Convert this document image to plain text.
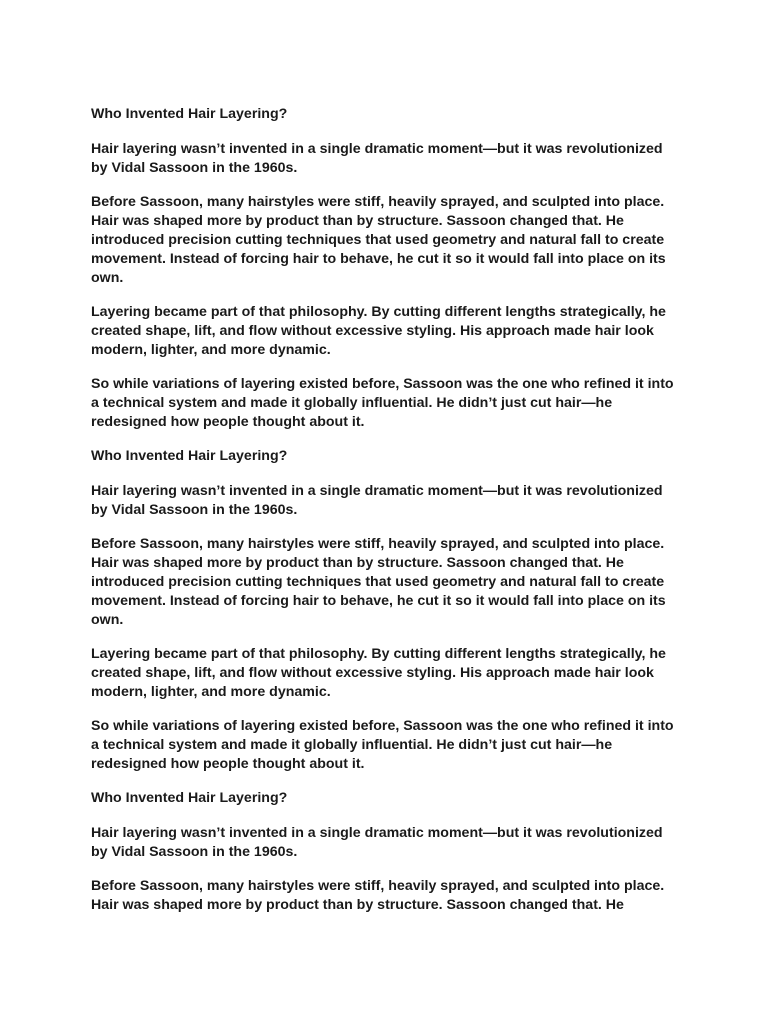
Who Invented Hair Layering?

Hair layering wasn’t invented in a single dramatic moment—but it was revolutionized by Vidal Sassoon in the 1960s.

Before Sassoon, many hairstyles were stiff, heavily sprayed, and sculpted into place. Hair was shaped more by product than by structure. Sassoon changed that. He introduced precision cutting techniques that used geometry and natural fall to create movement. Instead of forcing hair to behave, he cut it so it would fall into place on its own.

Layering became part of that philosophy. By cutting different lengths strategically, he created shape, lift, and flow without excessive styling. His approach made hair look modern, lighter, and more dynamic.

So while variations of layering existed before, Sassoon was the one who refined it into a technical system and made it globally influential. He didn’t just cut hair—he redesigned how people thought about it.

Who Invented Hair Layering?

Hair layering wasn’t invented in a single dramatic moment—but it was revolutionized by Vidal Sassoon in the 1960s.

Before Sassoon, many hairstyles were stiff, heavily sprayed, and sculpted into place. Hair was shaped more by product than by structure. Sassoon changed that. He introduced precision cutting techniques that used geometry and natural fall to create movement. Instead of forcing hair to behave, he cut it so it would fall into place on its own.

Layering became part of that philosophy. By cutting different lengths strategically, he created shape, lift, and flow without excessive styling. His approach made hair look modern, lighter, and more dynamic.

So while variations of layering existed before, Sassoon was the one who refined it into a technical system and made it globally influential. He didn’t just cut hair—he redesigned how people thought about it.

Who Invented Hair Layering?

Hair layering wasn’t invented in a single dramatic moment—but it was revolutionized by Vidal Sassoon in the 1960s.

Before Sassoon, many hairstyles were stiff, heavily sprayed, and sculpted into place. Hair was shaped more by product than by structure. Sassoon changed that. He
